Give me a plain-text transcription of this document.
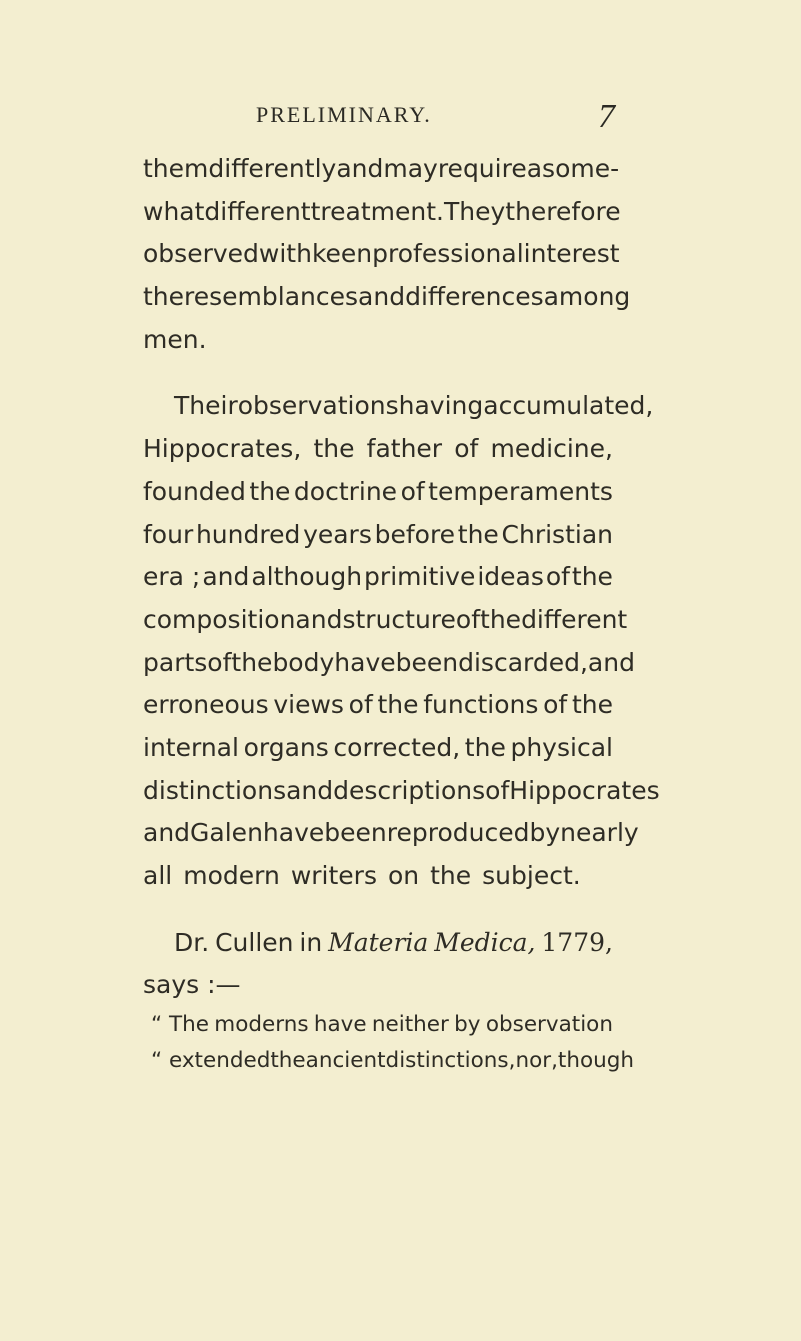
PRELIMINARY.	7
them differently and may require a some-
what different treatment. They therefore
observed with keen professional interest
the resemblances and differences among
men.
Their observations having accumulated,
Hippocrates, the father of medicine,
founded the doctrine of temperaments
four hundred years before the Christian
era ; and although primitive ideas of the
composition and structure of the different
parts of the body have been discarded, and
erroneous views of the functions of the
internal organs corrected, the physical
distinctions and descriptions of Hippocrates
and Galen have been reproduced by nearly
all modern writers on the subject.
Dr. Cullen in Materia Medica, 1779,
says :—
“ The moderns have neither by observation
“ extended the ancient distinctions, nor, though
